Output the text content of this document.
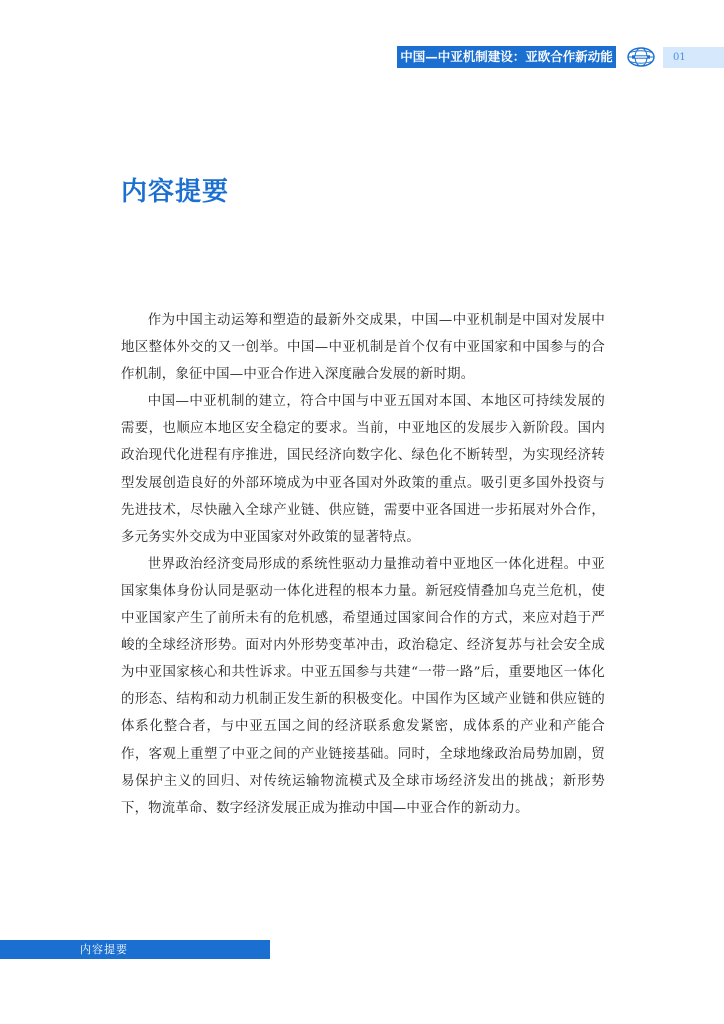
中国—中亚机制建设：亚欧合作新动能	01
内容提要

作为中国主动运筹和塑造的最新外交成果，中国—中亚机制是中国对发展中地区整体外交的又一创举。中国—中亚机制是首个仅有中亚国家和中国参与的合作机制，象征中国—中亚合作进入深度融合发展的新时期。

中国—中亚机制的建立，符合中国与中亚五国对本国、本地区可持续发展的需要，也顺应本地区安全稳定的要求。当前，中亚地区的发展步入新阶段。国内政治现代化进程有序推进，国民经济向数字化、绿色化不断转型，为实现经济转型发展创造良好的外部环境成为中亚各国对外政策的重点。吸引更多国外投资与先进技术，尽快融入全球产业链、供应链，需要中亚各国进一步拓展对外合作，多元务实外交成为中亚国家对外政策的显著特点。

世界政治经济变局形成的系统性驱动力量推动着中亚地区一体化进程。中亚国家集体身份认同是驱动一体化进程的根本力量。新冠疫情叠加乌克兰危机，使中亚国家产生了前所未有的危机感，希望通过国家间合作的方式，来应对趋于严峻的全球经济形势。面对内外形势变革冲击，政治稳定、经济复苏与社会安全成为中亚国家核心和共性诉求。中亚五国参与共建“一带一路”后，重要地区一体化的形态、结构和动力机制正发生新的积极变化。中国作为区域产业链和供应链的体系化整合者，与中亚五国之间的经济联系愈发紧密，成体系的产业和产能合作，客观上重塑了中亚之间的产业链接基础。同时，全球地缘政治局势加剧，贸易保护主义的回归、对传统运输物流模式及全球市场经济发出的挑战；新形势下，物流革命、数字经济发展正成为推动中国—中亚合作的新动力。

内容提要
